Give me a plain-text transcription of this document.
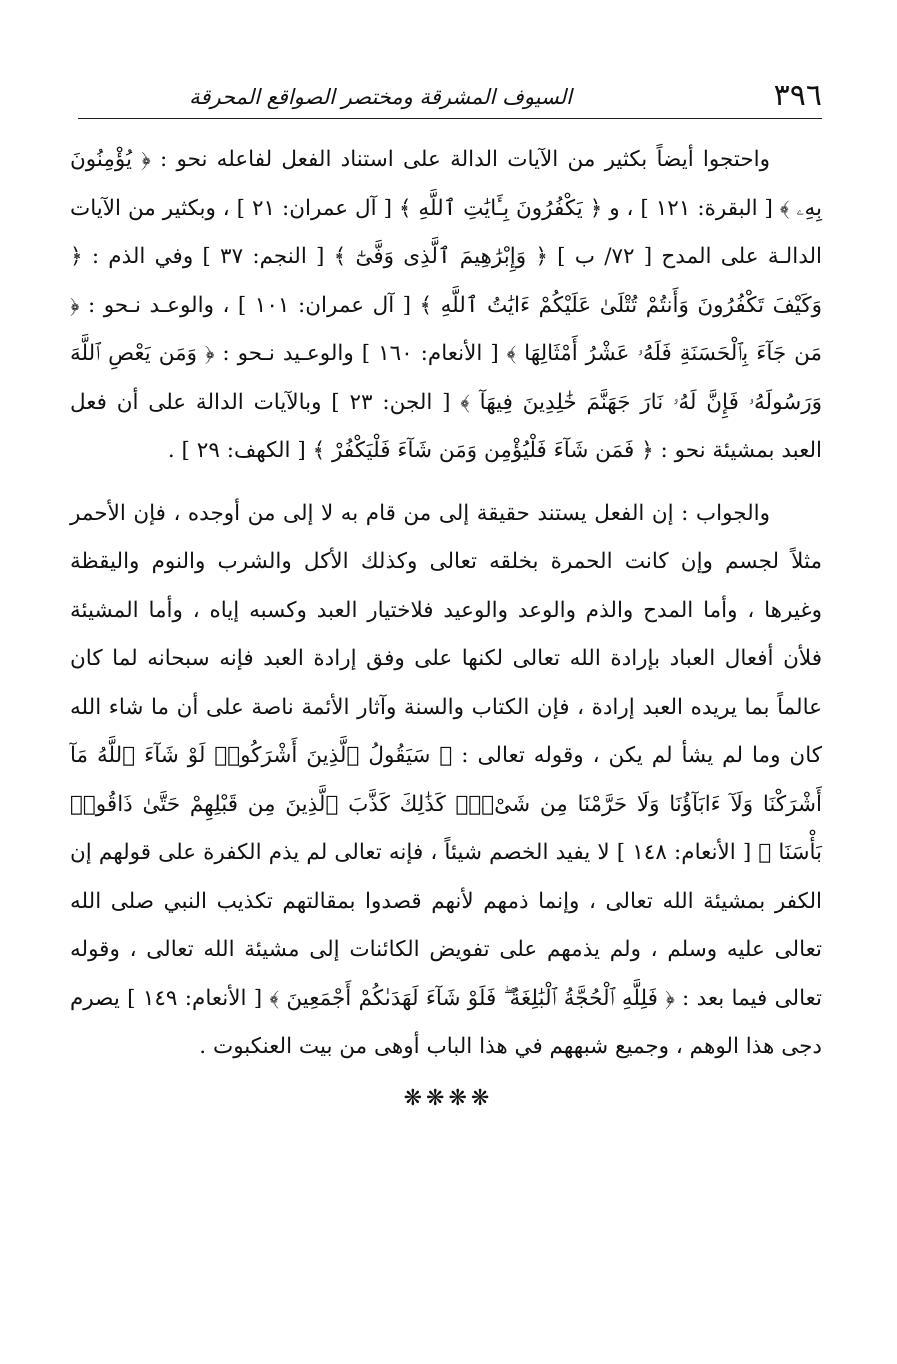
٣٩٦
السيوف المشرقة ومختصر الصواقع المحرقة

واحتجوا أيضاً بكثير من الآيات الدالة على استناد الفعل لفاعله نحو : ﴿ يُؤْمِنُونَ بِهِۦ ﴾ [ البقرة: ١٢١ ] ، و ﴿ يَكْفُرُونَ بِـَٔايَٰتِ ٱللَّهِ ﴾ [ آل عمران: ٢١ ] ، وبكثير من الآيات الدالـة على المدح [ ٧٢/ ب ] ﴿ وَإِبْرَٰهِيمَ ٱلَّذِى وَفَّىٰٓ ﴾ [ النجم: ٣٧ ] وفي الذم : ﴿ وَكَيْفَ تَكْفُرُونَ وَأَنتُمْ تُتْلَىٰ عَلَيْكُمْ ءَايَٰتُ ٱللَّهِ ﴾ [ آل عمران: ١٠١ ] ، والوعـد نـحو : ﴿ مَن جَآءَ بِٱلْحَسَنَةِ فَلَهُۥ عَشْرُ أَمْثَالِهَا ﴾ [ الأنعام: ١٦٠ ] والوعـيد نـحو : ﴿ وَمَن يَعْصِ ٱللَّهَ وَرَسُولَهُۥ فَإِنَّ لَهُۥ نَارَ جَهَنَّمَ خَٰلِدِينَ فِيهَآ ﴾ [ الجن: ٢٣ ] وبالآيات الدالة على أن فعل العبد بمشيئة نحو : ﴿ فَمَن شَآءَ فَلْيُؤْمِن وَمَن شَآءَ فَلْيَكْفُرْ ﴾ [ الكهف: ٢٩ ] .

والجواب : إن الفعل يستند حقيقة إلى من قام به لا إلى من أوجده ، فإن الأحمر مثلاً لجسم وإن كانت الحمرة بخلقه تعالى وكذلك الأكل والشرب والنوم واليقظة وغيرها ، وأما المدح والذم والوعد والوعيد فلاختيار العبد وكسبه إياه ، وأما المشيئة فلأن أفعال العباد بإرادة الله تعالى لكنها على وفق إرادة العبد فإنه سبحانه لما كان عالماً بما يريده العبد إرادة ، فإن الكتاب والسنة وآثار الأئمة ناصة على أن ما شاء الله كان وما لم يشأ لم يكن ، وقوله تعالى : ﴿ سَيَقُولُ ٱلَّذِينَ أَشْرَكُوا۟ لَوْ شَآءَ ٱللَّهُ مَآ أَشْرَكْنَا وَلَآ ءَابَآؤُنَا وَلَا حَرَّمْنَا مِن شَىْءٍۢ كَذَٰلِكَ كَذَّبَ ٱلَّذِينَ مِن قَبْلِهِمْ حَتَّىٰ ذَاقُوا۟ بَأْسَنَا ﴾ [ الأنعام: ١٤٨ ] لا يفيد الخصم شيئاً ، فإنه تعالى لم يذم الكفرة على قولهم إن الكفر بمشيئة الله تعالى ، وإنما ذمهم لأنهم قصدوا بمقالتهم تكذيب النبي صلى الله تعالى عليه وسلم ، ولم يذمهم على تفويض الكائنات إلى مشيئة الله تعالى ، وقوله تعالى فيما بعد : ﴿ فَلِلَّهِ ٱلْحُجَّةُ ٱلْبَٰلِغَةُ ۖ فَلَوْ شَآءَ لَهَدَىٰكُمْ أَجْمَعِينَ ﴾ [ الأنعام: ١٤٩ ] يصرم دجى هذا الوهم ، وجميع شبههم في هذا الباب أوهى من بيت العنكبوت .

❋❋❋❋
